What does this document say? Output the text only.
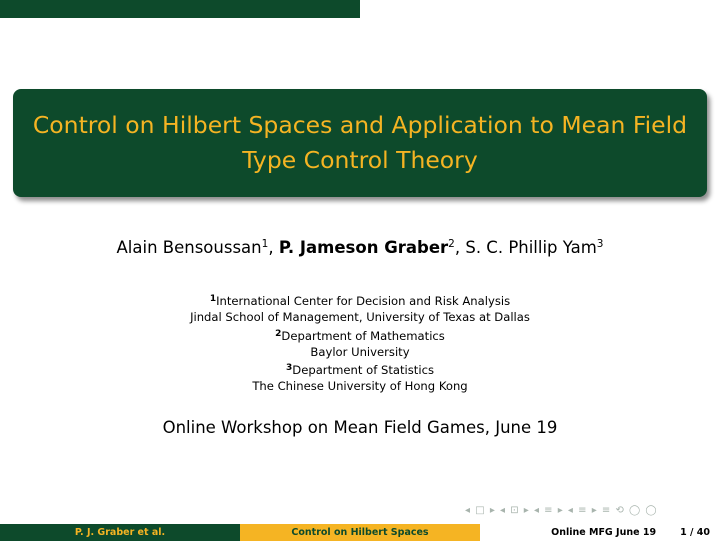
Control on Hilbert Spaces and Application to Mean Field
Type Control Theory
Alain Bensoussan$^1$, P. Jameson Graber$^2$, S. C. Phillip Yam$^3$
$^1$International Center for Decision and Risk Analysis
Jindal School of Management, University of Texas at Dallas
$^2$Department of Mathematics
Baylor University
$^3$Department of Statistics
The Chinese University of Hong Kong
Online Workshop on Mean Field Games, June 19
◂ □ ▸ ◂ ⊡ ▸ ◂ ≡ ▸ ◂ ≡ ▸ ≡ ⟲ ◯ ◯
P. J. Graber et al.	Control on Hilbert Spaces	Online MFG June 19	1 / 40
